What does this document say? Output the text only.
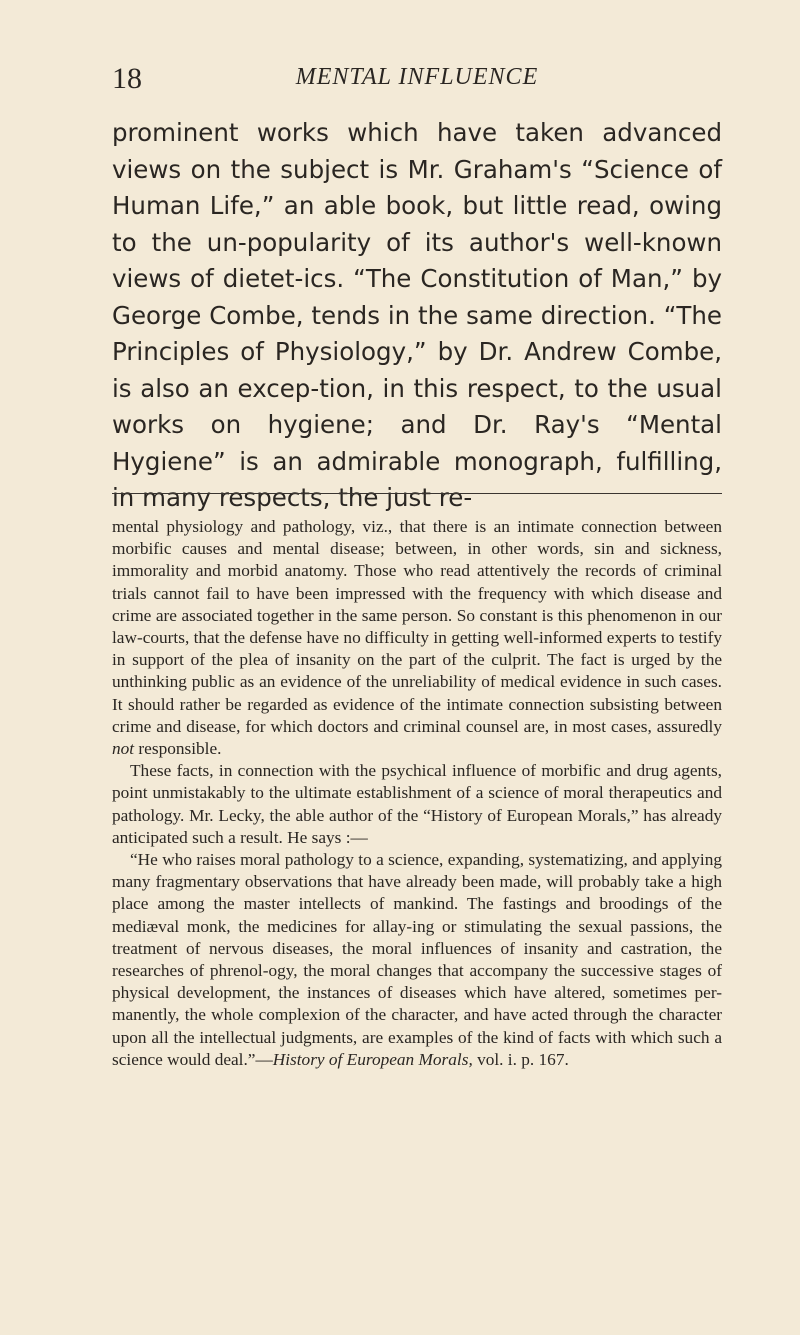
18	MENTAL INFLUENCE

prominent works which have taken advanced views on the subject is Mr. Graham's “Science of Human Life,” an able book, but little read, owing to the un-popularity of its author's well-known views of dietet-ics. “The Constitution of Man,” by George Combe, tends in the same direction. “The Principles of Physiology,” by Dr. Andrew Combe, is also an excep-tion, in this respect, to the usual works on hygiene; and Dr. Ray's “Mental Hygiene” is an admirable monograph, fulfilling, in many respects, the just re-

mental physiology and pathology, viz., that there is an intimate connection between morbific causes and mental disease; between, in other words, sin and sickness, immorality and morbid anatomy. Those who read attentively the records of criminal trials cannot fail to have been impressed with the frequency with which disease and crime are associated together in the same person. So constant is this phenomenon in our law-courts, that the defense have no difficulty in getting well-informed experts to testify in support of the plea of insanity on the part of the culprit. The fact is urged by the unthinking public as an evidence of the unreliability of medical evidence in such cases. It should rather be regarded as evidence of the intimate connection subsisting between crime and disease, for which doctors and criminal counsel are, in most cases, assuredly not responsible.

These facts, in connection with the psychical influence of morbific and drug agents, point unmistakably to the ultimate establishment of a science of moral therapeutics and pathology. Mr. Lecky, the able author of the “History of European Morals,” has already anticipated such a result. He says :—

“He who raises moral pathology to a science, expanding, systematizing, and applying many fragmentary observations that have already been made, will probably take a high place among the master intellects of mankind. The fastings and broodings of the mediæval monk, the medicines for allay-ing or stimulating the sexual passions, the treatment of nervous diseases, the moral influences of insanity and castration, the researches of phrenol-ogy, the moral changes that accompany the successive stages of physical development, the instances of diseases which have altered, sometimes per-manently, the whole complexion of the character, and have acted through the character upon all the intellectual judgments, are examples of the kind of facts with which such a science would deal.”—History of European Morals, vol. i. p. 167.
